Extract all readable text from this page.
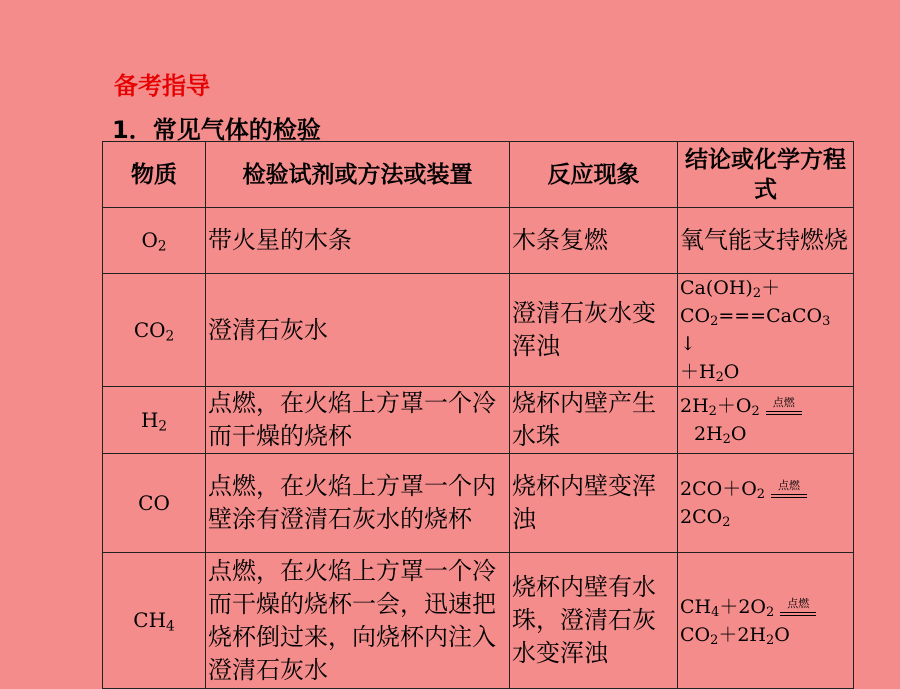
备考指导
1．常见气体的检验
物质	检验试剂或方法或装置	反应现象	结论或化学方程式
$O_2$	带火星的木条	木条复燃	氧气能支持燃烧
$CO_2$	澄清石灰水	澄清石灰水变浑浊	$Ca(OH)_2+$
$CO_2===CaCO_3$ ↓
$+H_2O$

$H_2$	点燃，在火焰上方罩一个冷而干燥的烧杯	烧杯内壁产生水珠	$2H_2+O_2$ 点燃
$2H_2O$

CO	点燃，在火焰上方罩一个内壁涂有澄清石灰水的烧杯	烧杯内壁变浑浊	$2CO+O_2$ 点燃
$2CO_2$

$CH_4$	点燃，在火焰上方罩一个冷而干燥的烧杯一会，迅速把烧杯倒过来，向烧杯内注入澄清石灰水	烧杯内壁有水珠，澄清石灰水变浑浊	$CH_4+2O_2$ 点燃
$CO_2+2H_2O$
